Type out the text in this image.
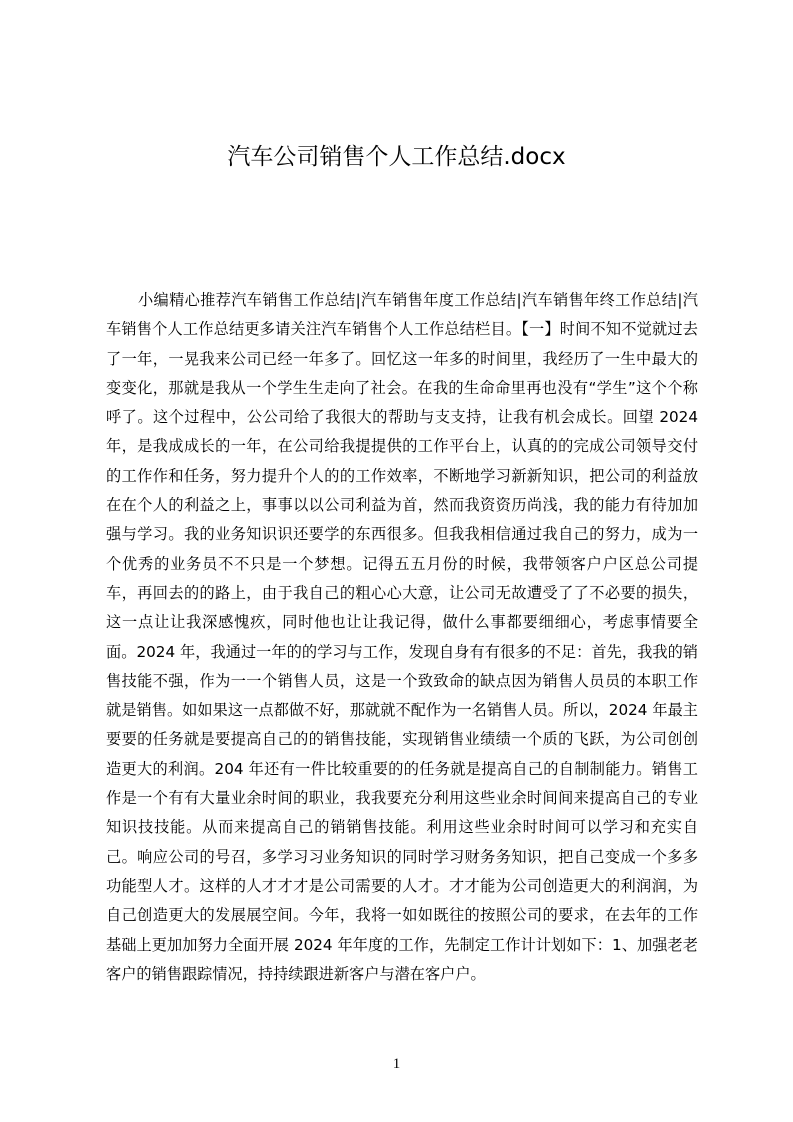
汽车公司销售个人工作总结.docx

小编精心推荐汽车销售工作总结|汽车销售年度工作总结|汽车销售年终工作总结|汽车销售个人工作总结更多请关注汽车销售个人工作总结栏目。【一】时间不知不觉就过去了一年，一晃我来公司已经一年多了。回忆这一年多的时间里，我经历了一生中最大的变变化，那就是我从一个学生生走向了社会。在我的生命命里再也没有“学生”这个个称呼了。这个过程中，公公司给了我很大的帮助与支支持，让我有机会成长。回望 2024 年，是我成成长的一年，在公司给我提提供的工作平台上，认真的的完成公司领导交付的工作作和任务，努力提升个人的的工作效率，不断地学习新新知识，把公司的利益放在在个人的利益之上，事事以以公司利益为首，然而我资资历尚浅，我的能力有待加加强与学习。我的业务知识识还要学的东西很多。但我我相信通过我自己的努力，成为一个优秀的业务员不不只是一个梦想。记得五五月份的时候，我带领客户户区总公司提车，再回去的的路上，由于我自己的粗心心大意，让公司无故遭受了了不必要的损失，这一点让让我深感愧疚，同时他也让让我记得，做什么事都要细细心，考虑事情要全面。2024 年，我通过一年的的学习与工作，发现自身有有很多的不足：首先，我我的销售技能不强，作为一一个销售人员，这是一个致致命的缺点因为销售人员员的本职工作就是销售。如如果这一点都做不好，那就就不配作为一名销售人员。所以，2024 年最主要要的任务就是要提高自己的的销售技能，实现销售业绩绩一个质的飞跃，为公司创创造更大的利润。204 年还有一件比较重要的的任务就是提高自己的自制制能力。销售工作是一个有有大量业余时间的职业，我我要充分利用这些业余时间间来提高自己的专业知识技技能。从而来提高自己的销销售技能。利用这些业余时时间可以学习和充实自己。响应公司的号召，多学习习业务知识的同时学习财务务知识，把自己变成一个多多功能型人才。这样的人才才才是公司需要的人才。才才能为公司创造更大的利润润，为自己创造更大的发展展空间。今年，我将一如如既往的按照公司的要求，在去年的工作基础上更加加努力全面开展 2024 年年度的工作，先制定工作计计划如下：1、加强老老客户的销售跟踪情况，持持续跟进新客户与潜在客户户。

1
